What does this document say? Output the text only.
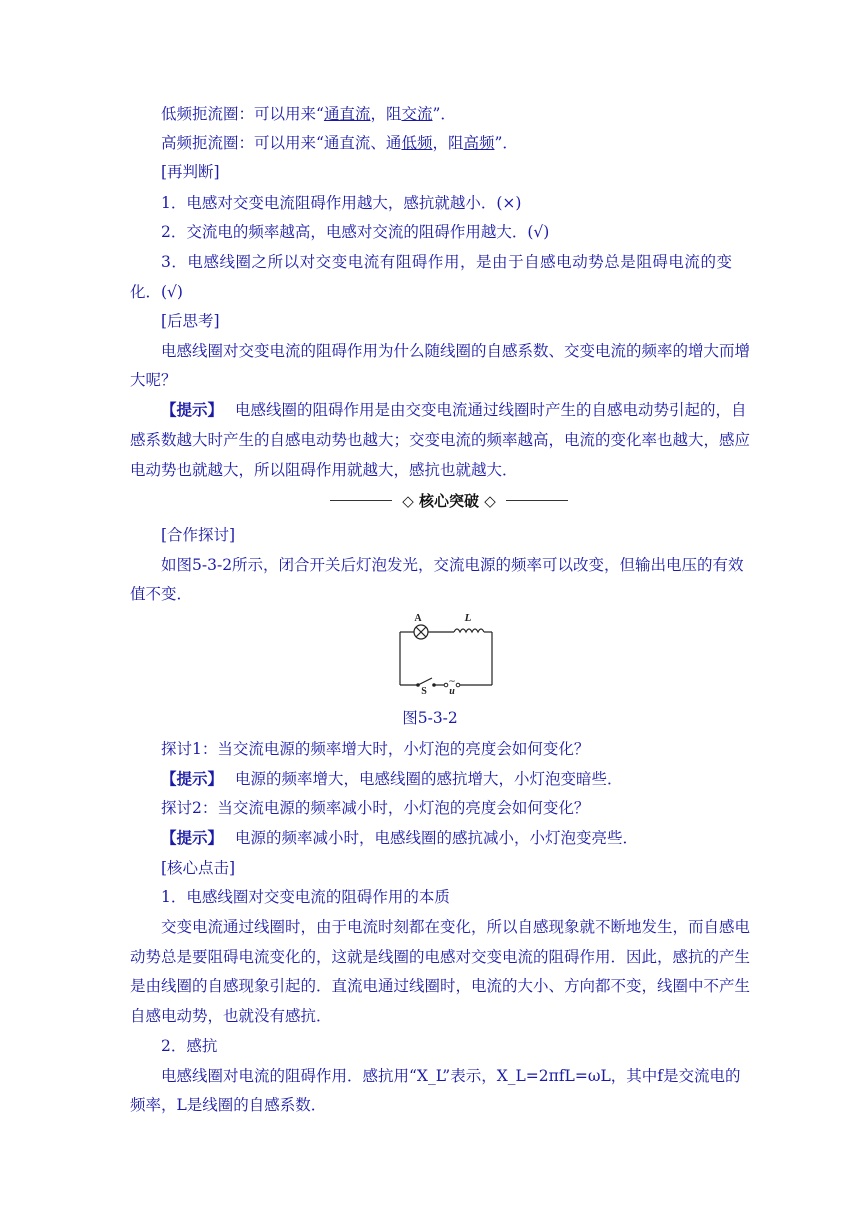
低频扼流圈：可以用来“通直流，阻交流”．
高频扼流圈：可以用来“通直流、通低频，阻高频”．
[再判断]
1．电感对交变电流阻碍作用越大，感抗就越小．(×)
2．交流电的频率越高，电感对交流的阻碍作用越大．(√)
3．电感线圈之所以对交变电流有阻碍作用，是由于自感电动势总是阻碍电流的变
化．(√)
[后思考]
电感线圈对交变电流的阻碍作用为什么随线圈的自感系数、交变电流的频率的增大而增
大呢？
【提示】 电感线圈的阻碍作用是由交变电流通过线圈时产生的自感电动势引起的，自
感系数越大时产生的自感电动势也越大；交变电流的频率越高，电流的变化率也越大，感应
电动势也就越大，所以阻碍作用就越大，感抗也就越大．
◇ 核心突破 ◇
[合作探讨]
如图5-3-2所示，闭合开关后灯泡发光，交流电源的频率可以改变，但输出电压的有效
值不变．
~
A	L
S u
图5-3-2
探讨1：当交流电源的频率增大时，小灯泡的亮度会如何变化？
【提示】 电源的频率增大，电感线圈的感抗增大，小灯泡变暗些．
探讨2：当交流电源的频率减小时，小灯泡的亮度会如何变化？
【提示】 电源的频率减小时，电感线圈的感抗减小，小灯泡变亮些．
[核心点击]
1．电感线圈对交变电流的阻碍作用的本质
交变电流通过线圈时，由于电流时刻都在变化，所以自感现象就不断地发生，而自感电
动势总是要阻碍电流变化的，这就是线圈的电感对交变电流的阻碍作用．因此，感抗的产生
是由线圈的自感现象引起的．直流电通过线圈时，电流的大小、方向都不变，线圈中不产生
自感电动势，也就没有感抗．
2．感抗
电感线圈对电流的阻碍作用．感抗用“X_L”表示，X_L=2πfL=ωL，其中f是交流电的
频率，L是线圈的自感系数．
